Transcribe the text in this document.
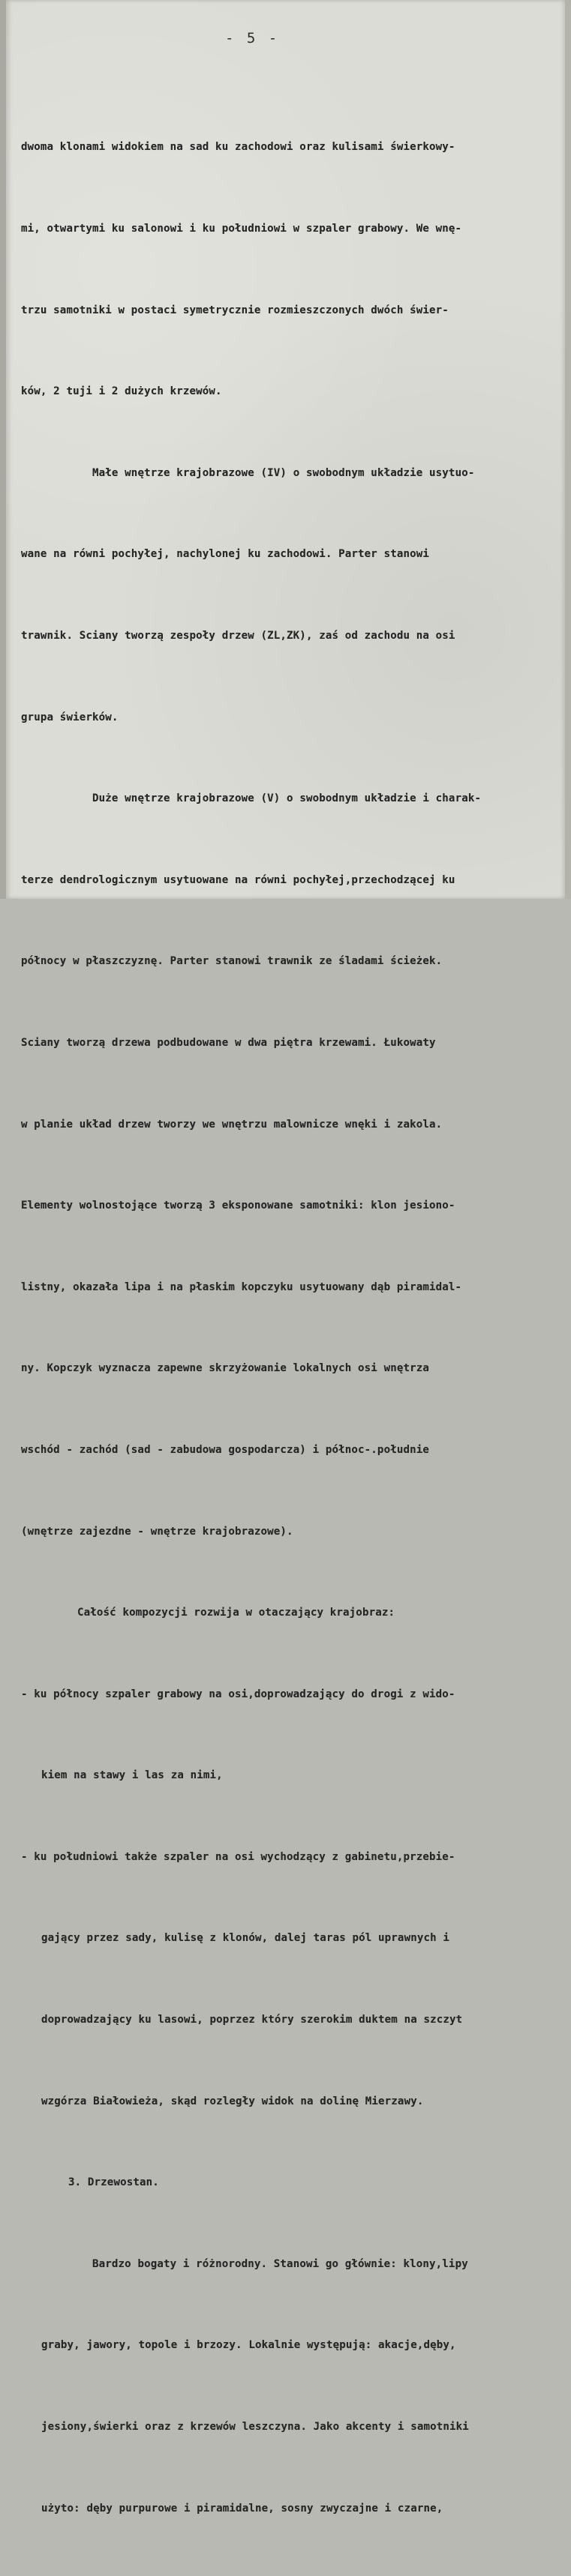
- 5 -

dwoma klonami widokiem na sad ku zachodowi oraz kulisami świerkowy-

mi, otwartymi ku salonowi i ku południowi w szpaler grabowy. We wnę-

trzu samotniki w postaci symetrycznie rozmieszczonych dwóch świer-

ków, 2 tuji i 2 dużych krzewów.

Małe wnętrze krajobrazowe (IV) o swobodnym układzie usytuo-

wane na równi pochyłej, nachylonej ku zachodowi. Parter stanowi

trawnik. Sciany tworzą zespoły drzew (ZL,ZK), zaś od zachodu na osi

grupa świerków.

Duże wnętrze krajobrazowe (V) o swobodnym układzie i charak-

terze dendrologicznym usytuowane na równi pochyłej,przechodzącej ku

północy w płaszczyznę. Parter stanowi trawnik ze śladami ścieżek.

Sciany tworzą drzewa podbudowane w dwa piętra krzewami. Łukowaty

w planie układ drzew tworzy we wnętrzu malownicze wnęki i zakola.

Elementy wolnostojące tworzą 3 eksponowane samotniki: klon jesiono-

listny, okazała lipa i na płaskim kopczyku usytuowany dąb piramidal-

ny. Kopczyk wyznacza zapewne skrzyżowanie lokalnych osi wnętrza

wschód - zachód (sad - zabudowa gospodarcza) i północ-.południe

(wnętrze zajezdne - wnętrze krajobrazowe).

Całość kompozycji rozwija w otaczający krajobraz:

- ku północy szpaler grabowy na osi,doprowadzający do drogi z wido-

kiem na stawy i las za nimi,

- ku południowi także szpaler na osi wychodzący z gabinetu,przebie-

gający przez sady, kulisę z klonów, dalej taras pól uprawnych i

doprowadzający ku lasowi, poprzez który szerokim duktem na szczyt

wzgórza Białowieża, skąd rozległy widok na dolinę Mierzawy.

3. Drzewostan.

Bardzo bogaty i różnorodny. Stanowi go głównie: klony,lipy

graby, jawory, topole i brzozy. Lokalnie występują: akacje,dęby,

jesiony,świerki oraz z krzewów leszczyna. Jako akcenty i samotniki

użyto: dęby purpurowe i piramidalne, sosny zwyczajne i czarne,
